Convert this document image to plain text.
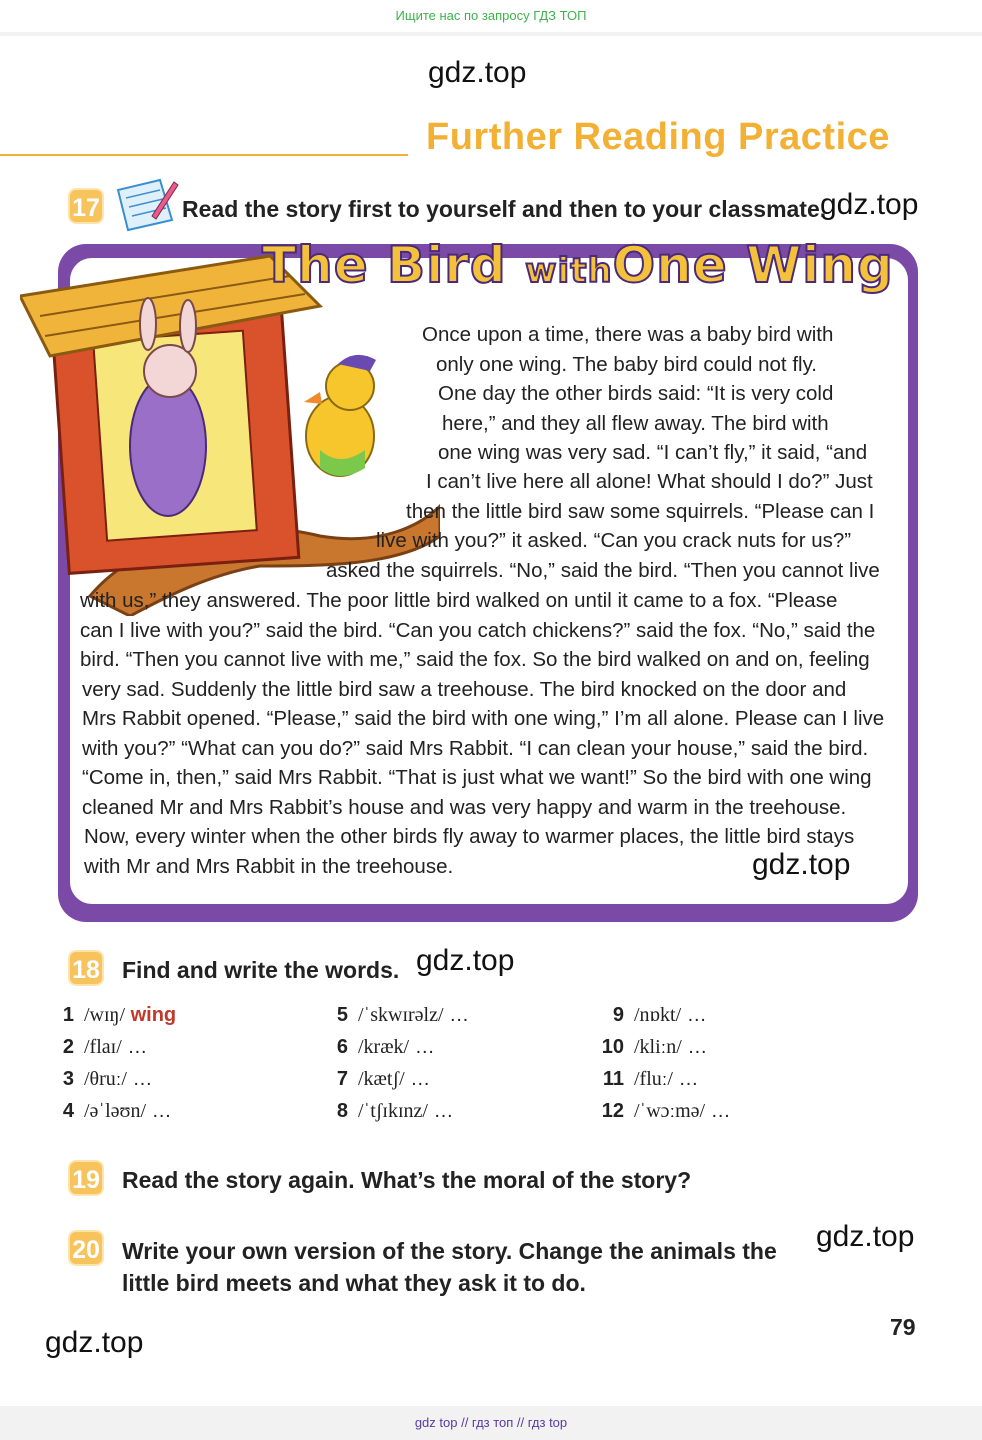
Ищите нас по запросу ГДЗ ТОП
gdz.top
Further Reading Practice
17	Read the story first to yourself and then to your classmate.
gdz.top
The Bird withOne Wing

Once upon a time, there was a baby bird with

only one wing. The baby bird could not fly.

One day the other birds said: “It is very cold

here,” and they all flew away. The bird with

one wing was very sad. “I can’t fly,” it said, “and

I can’t live here all alone! What should I do?” Just

then the little bird saw some squirrels. “Please can I

live with you?” it asked. “Can you crack nuts for us?”

asked the squirrels. “No,” said the bird. “Then you cannot live

with us,” they answered. The poor little bird walked on until it came to a fox. “Please

can I live with you?” said the bird. “Can you catch chickens?” said the fox. “No,” said the

bird. “Then you cannot live with me,” said the fox. So the bird walked on and on, feeling

very sad. Suddenly the little bird saw a treehouse. The bird knocked on the door and

Mrs Rabbit opened. “Please,” said the bird with one wing,” I’m all alone. Please can I live

with you?” “What can you do?” said Mrs Rabbit. “I can clean your house,” said the bird.

“Come in, then,” said Mrs Rabbit. “That is just what we want!” So the bird with one wing

cleaned Mr and Mrs Rabbit’s house and was very happy and warm in the treehouse.

Now, every winter when the other birds fly away to warmer places, the little bird stays

with Mr and Mrs Rabbit in the treehouse.	gdz.top
18 Find and write the words. gdz.top
1 /wɪŋ/ wing
2 /flaɪ/ …
3 /θruː/ …
4 /əˈləʊn/ …
5 /ˈskwɪrəlz/ …
6 /kræk/ …
7 /kætʃ/ …
8 /ˈtʃɪkɪnz/ …
9 /nɒkt/ …
10 /kliːn/ …
11 /fluː/ …
12 /ˈwɔːmə/ …
19 Read the story again. What’s the moral of the story?
20 Write your own version of the story. Change the animals the
little bird meets and what they ask it to do.
gdz.top
79
gdz.top
gdz top // гдз топ // гдз top
